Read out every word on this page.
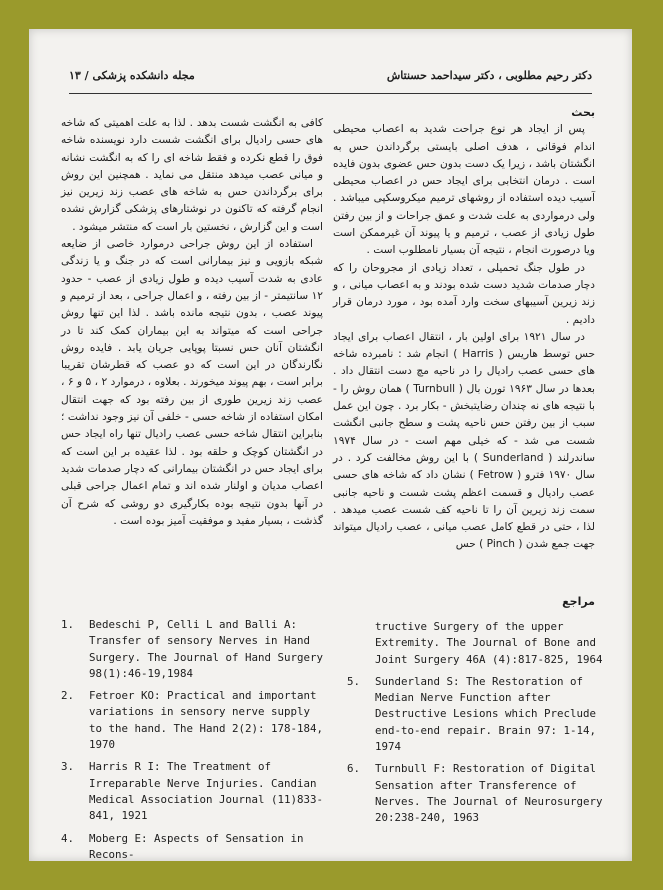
دکتر رحیم مطلوبی ، دکتر سیداحمد حسنتاش
مجله دانشکده پزشکی / ۱۳

بحث

پس از ایجاد هر نوع جراحت شدید به اعصاب محیطی اندام فوقانی ، هدف اصلی بایستی برگرداندن حس به انگشتان باشد ، زیرا یک دست بدون حس عضوی بدون فایده است . درمان انتخابی برای ایجاد حس در اعصاب محیطی آسیب دیده استفاده از روشهای ترمیم میکروسکپی میباشد . ولی درمواردی به علت شدت و عمق جراحات و از بین رفتن طول زیادی از عصب ، ترمیم و یا پیوند آن غیرممکن است ویا درصورت انجام ، نتیجه آن بسیار نامطلوب است .

در طول جنگ تحمیلی ، تعداد زیادی از مجروحان را که دچار صدمات شدید دست شده بودند و به اعصاب میانی ، و زند زیرین آسیبهای سخت وارد آمده بود ، مورد درمان قرار دادیم .

در سال ۱۹۲۱ برای اولین بار ، انتقال اعصاب برای ایجاد حس توسط هاریس ( Harris ) انجام شد : نامبرده شاخه های حسی عصب رادیال را در ناحیه مچ دست انتقال داد . بعدها در سال ۱۹۶۳ تورن بال ( Turnbull ) همان روش را - با نتیجه های نه چندان رضایتبخش - بکار برد . چون این عمل سبب از بین رفتن حس ناحیه پشت و سطح جانبی انگشت شست می شد - که خیلی مهم است - در سال ۱۹۷۴ ساندرلند ( Sunderland ) با این روش مخالفت کرد . در سال ۱۹۷۰ فترو ( Fetrow ) نشان داد که شاخه های حسی عصب رادیال و قسمت اعظم پشت شست و ناحیه جانبی سمت زند زیرین آن را تا ناحیه کف شست عصب میدهد . لذا ، حتی در قطع کامل عصب میانی ، عصب رادیال میتواند جهت جمع شدن ( Pinch ) حس

کافی به انگشت شست بدهد . لذا به علت اهمیتی که شاخه های حسی رادیال برای انگشت شست دارد نویسنده شاخه فوق را قطع نکرده و فقط شاخه ای را که به انگشت نشانه و میانی عصب میدهد منتقل می نماید . همچنین این روش برای برگرداندن حس به شاخه های عصب زند زیرین نیز انجام گرفته که تاکنون در نوشتارهای پزشکی گزارش نشده است و این گزارش ، نخستین بار است که منتشر میشود .

استفاده از این روش جراحی درموارد خاصی از ضایعه شبکه بازویی و نیز بیمارانی است که در جنگ و یا زندگی عادی به شدت آسیب دیده و طول زیادی از عصب - حدود ۱۲ سانتیمتر - از بین رفته ، و اعمال جراحی ، بعد از ترمیم و پیوند عصب ، بدون نتیجه مانده باشد . لذا این تنها روش جراحی است که میتواند به این بیماران کمک کند تا در انگشتان آنان حس نسبتا پوپایی جریان یابد . فایده روش نگارندگان در این است که دو عصب که قطرشان تقریبا برابر است ، بهم پیوند میخورند . بعلاوه ، درموارد ۲ ، ۵ و ۶ ، عصب زند زیرین طوری از بین رفته بود که جهت انتقال امکان استفاده از شاخه حسی - خلفی آن نیز وجود نداشت ؛ بنابراین انتقال شاخه حسی عصب رادیال تنها راه ایجاد حس در انگشتان کوچک و حلقه بود . لذا عقیده بر این است که برای ایجاد حس در انگشتان بیمارانی که دچار صدمات شدید اعصاب مدیان و اولنار شده اند و تمام اعمال جراحی قبلی در آنها بدون نتیجه بوده بکارگیری دو روشی که شرح آن گذشت ، بسیار مفید و موفقیت آمیز بوده است .

مراجع
1. Bedeschi P, Celli L and Balli A: Transfer of sensory Nerves in Hand Surgery. The Journal of Hand Surgery 98(1):46-19,1984
2. Fetroer KO: Practical and important variations in sensory nerve supply to the hand. The Hand 2(2): 178-184, 1970
3. Harris R I: The Treatment of Irreparable Nerve Injuries. Candian Medical Association Journal (11)833-841, 1921
4. Moberg E: Aspects of Sensation in Recons-
tructive Surgery of the upper Extremity. The Journal of Bone and Joint Surgery 46A (4):817-825, 1964
5. Sunderland S: The Restoration of Median Nerve Function after Destructive Lesions which Preclude end-to-end repair. Brain 97: 1-14, 1974
6. Turnbull F: Restoration of Digital Sensation after Transference of Nerves. The Journal of Neurosurgery 20:238-240, 1963
